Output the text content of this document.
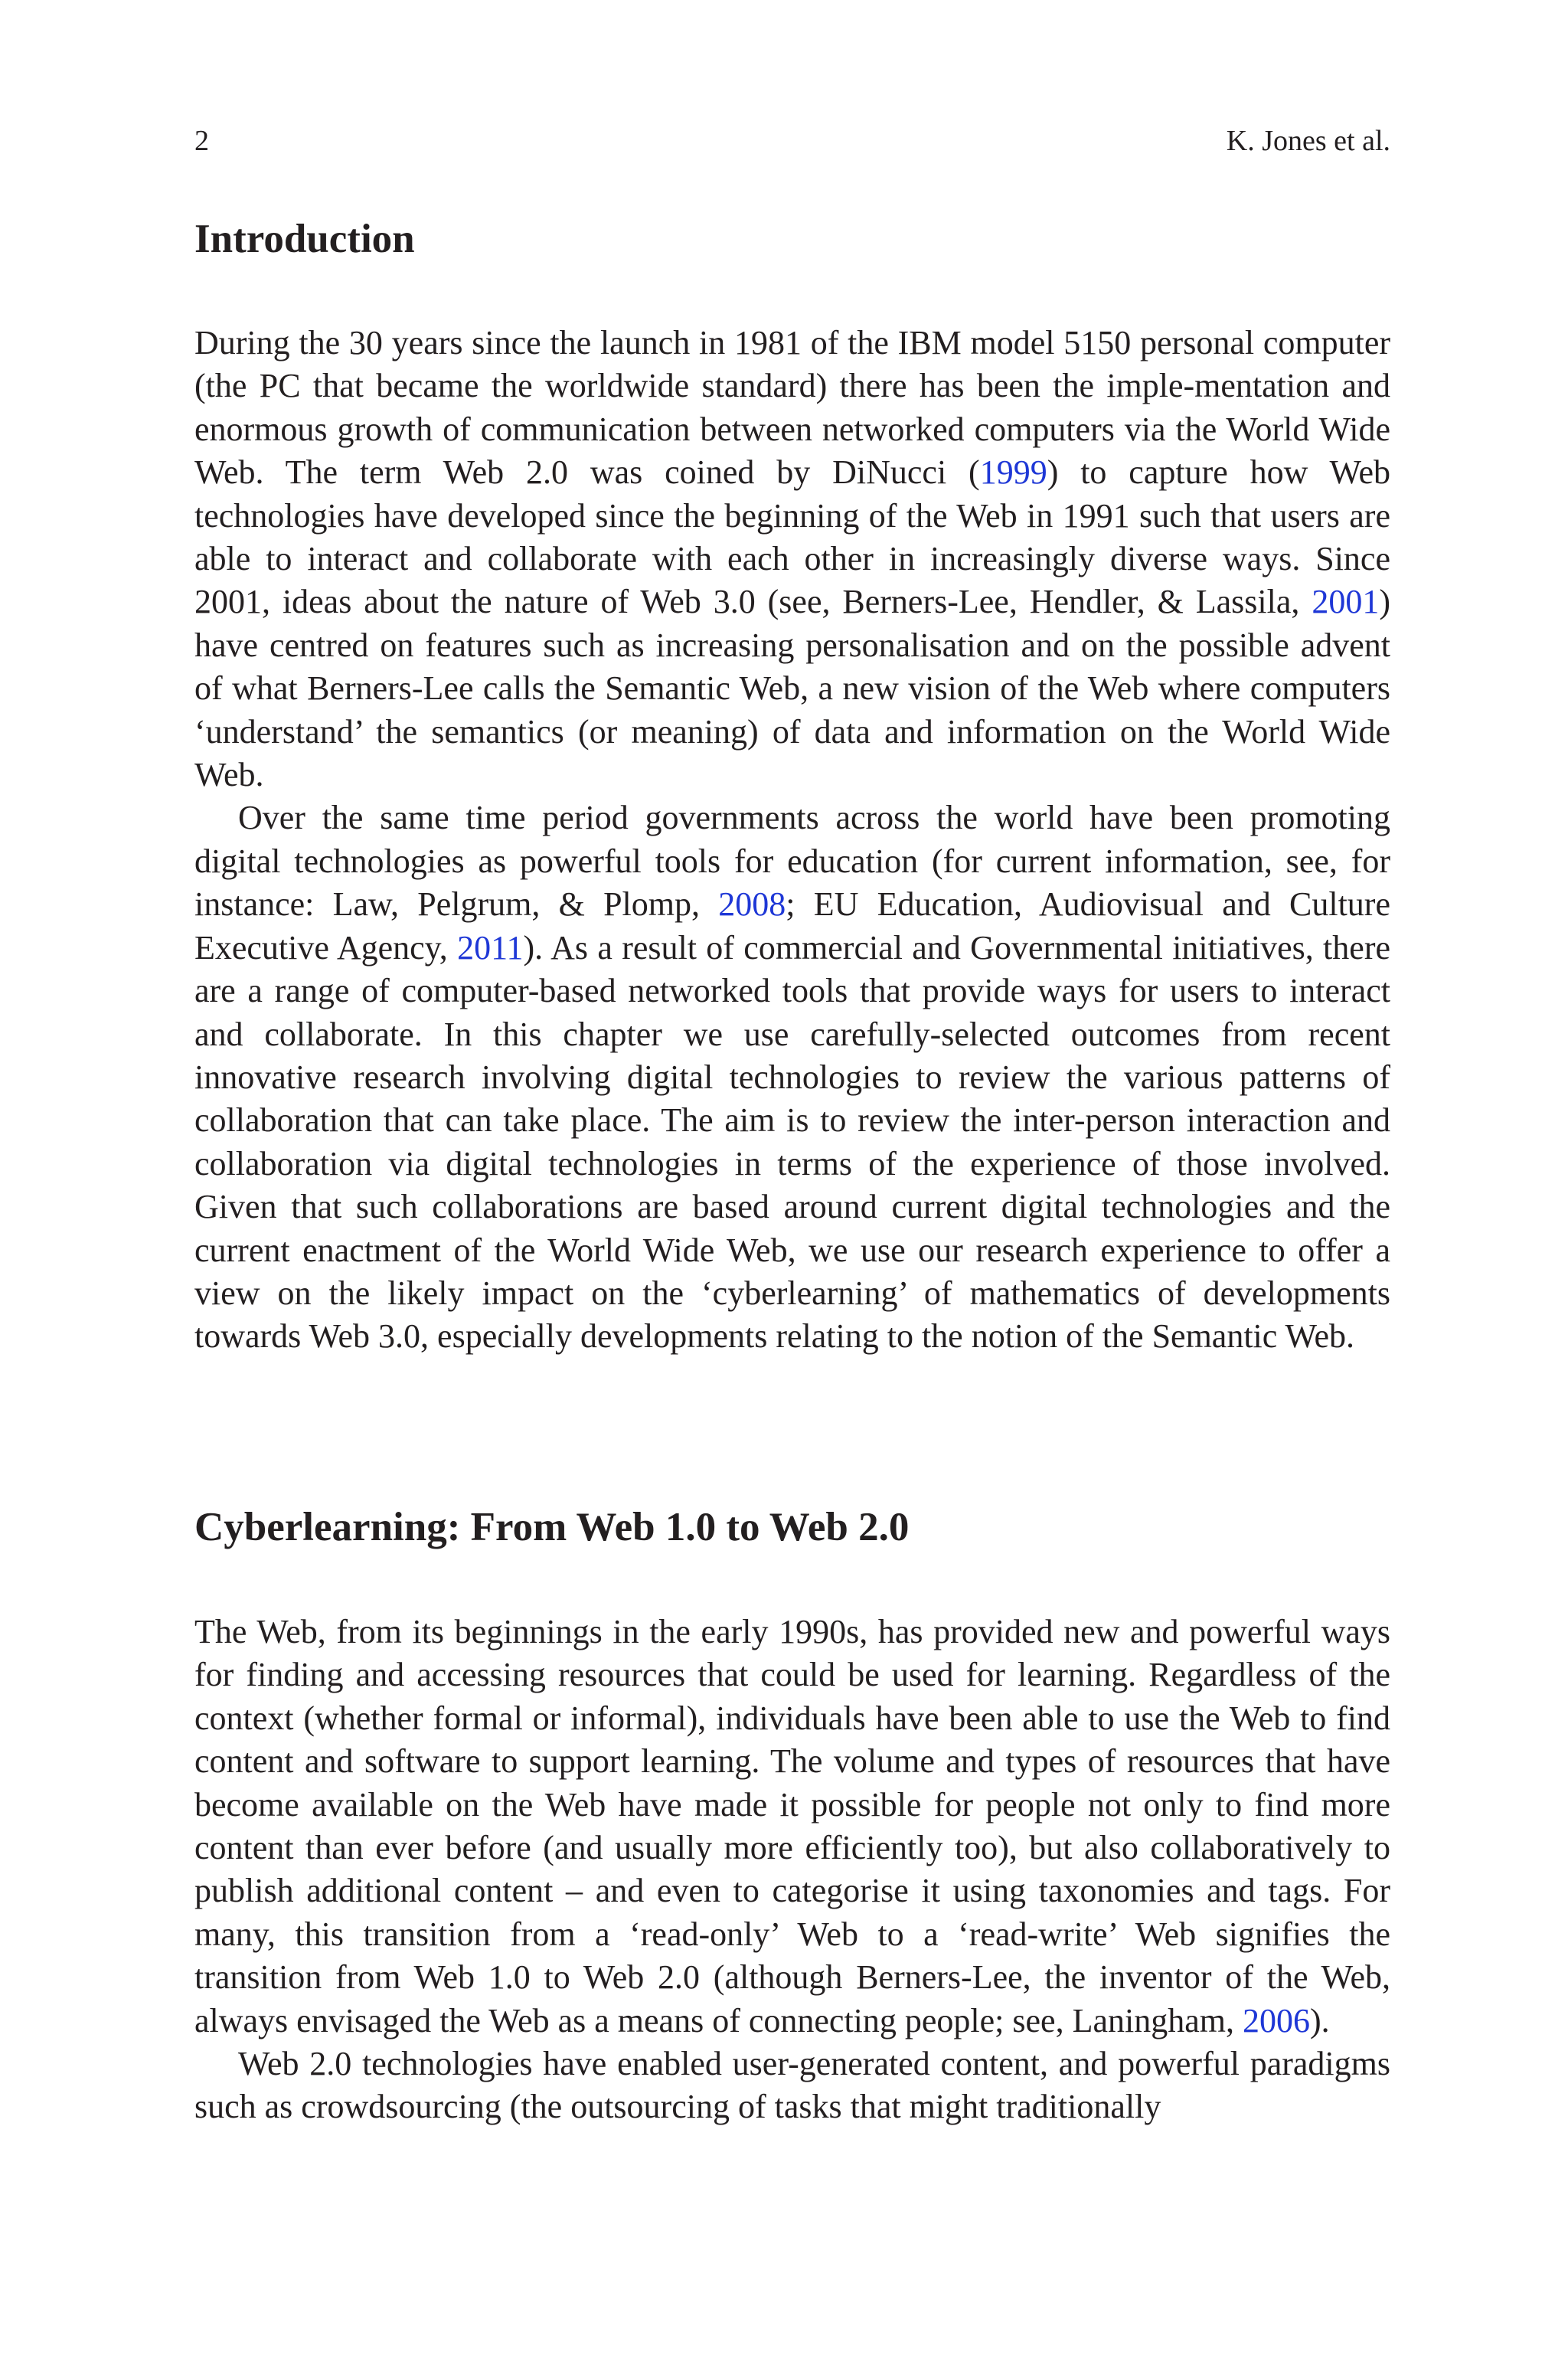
2	K. Jones et al.
Introduction

During the 30 years since the launch in 1981 of the IBM model 5150 personal computer (the PC that became the worldwide standard) there has been the imple-mentation and enormous growth of communication between networked computers via the World Wide Web. The term Web 2.0 was coined by DiNucci (1999) to capture how Web technologies have developed since the beginning of the Web in 1991 such that users are able to interact and collaborate with each other in increasingly diverse ways. Since 2001, ideas about the nature of Web 3.0 (see, Berners-Lee, Hendler, & Lassila, 2001) have centred on features such as increasing personalisation and on the possible advent of what Berners-Lee calls the Semantic Web, a new vision of the Web where computers ‘understand’ the semantics (or meaning) of data and information on the World Wide Web.

Over the same time period governments across the world have been promoting digital technologies as powerful tools for education (for current information, see, for instance: Law, Pelgrum, & Plomp, 2008; EU Education, Audiovisual and Culture Executive Agency, 2011). As a result of commercial and Governmental initiatives, there are a range of computer-based networked tools that provide ways for users to interact and collaborate. In this chapter we use carefully-selected outcomes from recent innovative research involving digital technologies to review the various patterns of collaboration that can take place. The aim is to review the inter-person interaction and collaboration via digital technologies in terms of the experience of those involved. Given that such collaborations are based around current digital technologies and the current enactment of the World Wide Web, we use our research experience to offer a view on the likely impact on the ‘cyberlearning’ of mathematics of developments towards Web 3.0, especially developments relating to the notion of the Semantic Web.

Cyberlearning: From Web 1.0 to Web 2.0

The Web, from its beginnings in the early 1990s, has provided new and powerful ways for finding and accessing resources that could be used for learning. Regardless of the context (whether formal or informal), individuals have been able to use the Web to find content and software to support learning. The volume and types of resources that have become available on the Web have made it possible for people not only to find more content than ever before (and usually more efficiently too), but also collaboratively to publish additional content – and even to categorise it using taxonomies and tags. For many, this transition from a ‘read-only’ Web to a ‘read-write’ Web signifies the transition from Web 1.0 to Web 2.0 (although Berners-Lee, the inventor of the Web, always envisaged the Web as a means of connecting people; see, Laningham, 2006).

Web 2.0 technologies have enabled user-generated content, and powerful paradigms such as crowdsourcing (the outsourcing of tasks that might traditionally
